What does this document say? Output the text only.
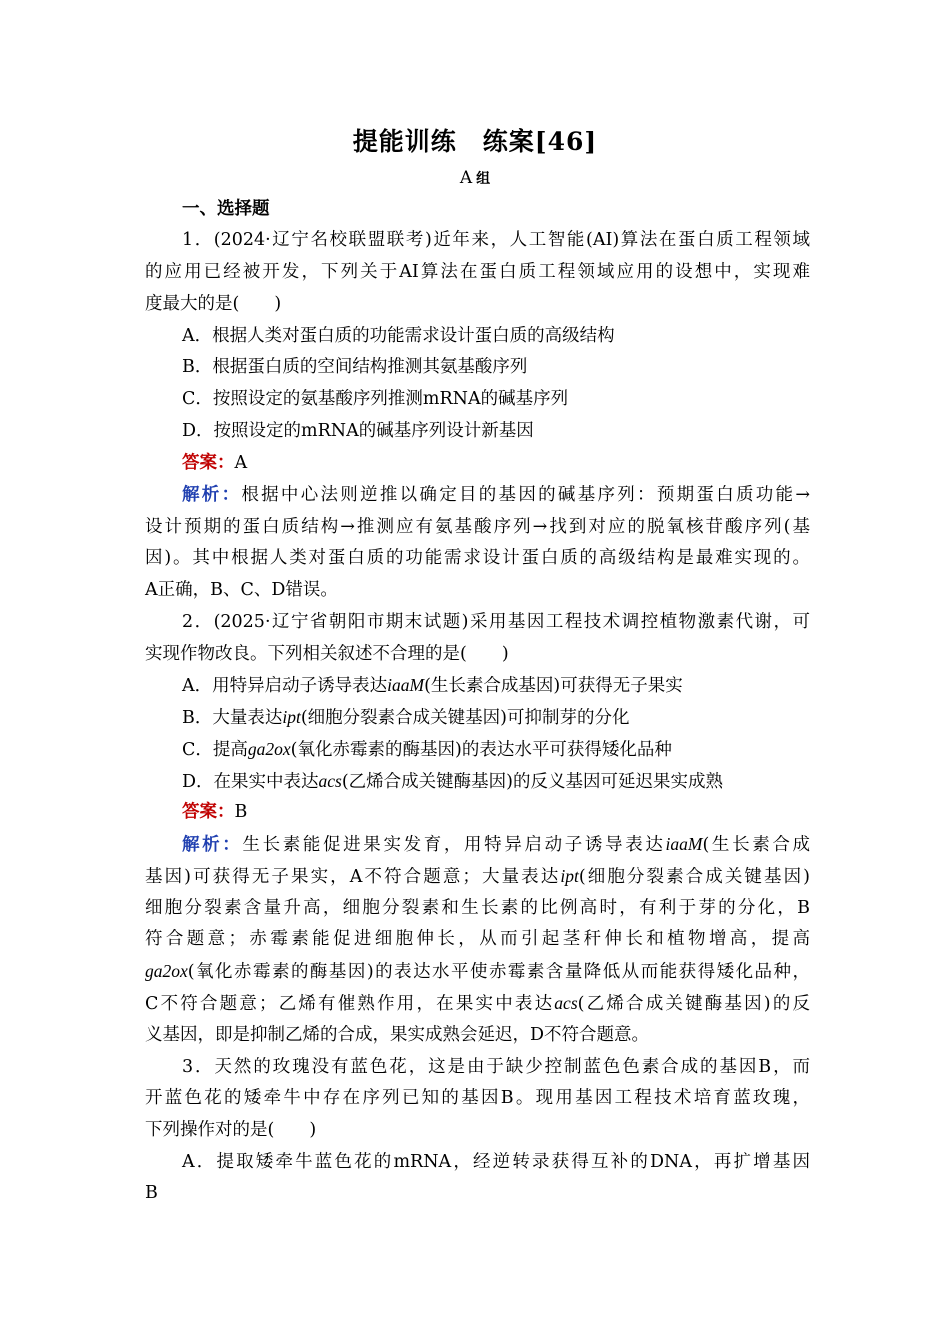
提能训练　练案[46]
A 组
一、选择题
1．(2024·辽宁名校联盟联考)近年来，人工智能(AI)算法在蛋白质工程领域
的应用已经被开发，下列关于AI算法在蛋白质工程领域应用的设想中，实现难
度最大的是(　　)
A．根据人类对蛋白质的功能需求设计蛋白质的高级结构
B．根据蛋白质的空间结构推测其氨基酸序列
C．按照设定的氨基酸序列推测mRNA的碱基序列
D．按照设定的mRNA的碱基序列设计新基因
答案：A
解析：根据中心法则逆推以确定目的基因的碱基序列：预期蛋白质功能→
设计预期的蛋白质结构→推测应有氨基酸序列→找到对应的脱氧核苷酸序列(基
因)。其中根据人类对蛋白质的功能需求设计蛋白质的高级结构是最难实现的。
A正确，B、C、D错误。
2．(2025·辽宁省朝阳市期末试题)采用基因工程技术调控植物激素代谢，可
实现作物改良。下列相关叙述不合理的是(　　)
A．用特异启动子诱导表达iaaM(生长素合成基因)可获得无子果实
B．大量表达ipt(细胞分裂素合成关键基因)可抑制芽的分化
C．提高ga2ox(氧化赤霉素的酶基因)的表达水平可获得矮化品种
D．在果实中表达acs(乙烯合成关键酶基因)的反义基因可延迟果实成熟
答案：B
解析：生长素能促进果实发育，用特异启动子诱导表达iaaM(生长素合成
基因)可获得无子果实，A不符合题意；大量表达ipt(细胞分裂素合成关键基因)
细胞分裂素含量升高，细胞分裂素和生长素的比例高时，有利于芽的分化，B
符合题意；赤霉素能促进细胞伸长，从而引起茎秆伸长和植物增高，提高
ga2ox(氧化赤霉素的酶基因)的表达水平使赤霉素含量降低从而能获得矮化品种，
C不符合题意；乙烯有催熟作用，在果实中表达acs(乙烯合成关键酶基因)的反
义基因，即是抑制乙烯的合成，果实成熟会延迟，D不符合题意。
3．天然的玫瑰没有蓝色花，这是由于缺少控制蓝色色素合成的基因B，而
开蓝色花的矮牵牛中存在序列已知的基因B。现用基因工程技术培育蓝玫瑰，
下列操作对的是(　　)
A．提取矮牵牛蓝色花的mRNA，经逆转录获得互补的DNA，再扩增基因
B
